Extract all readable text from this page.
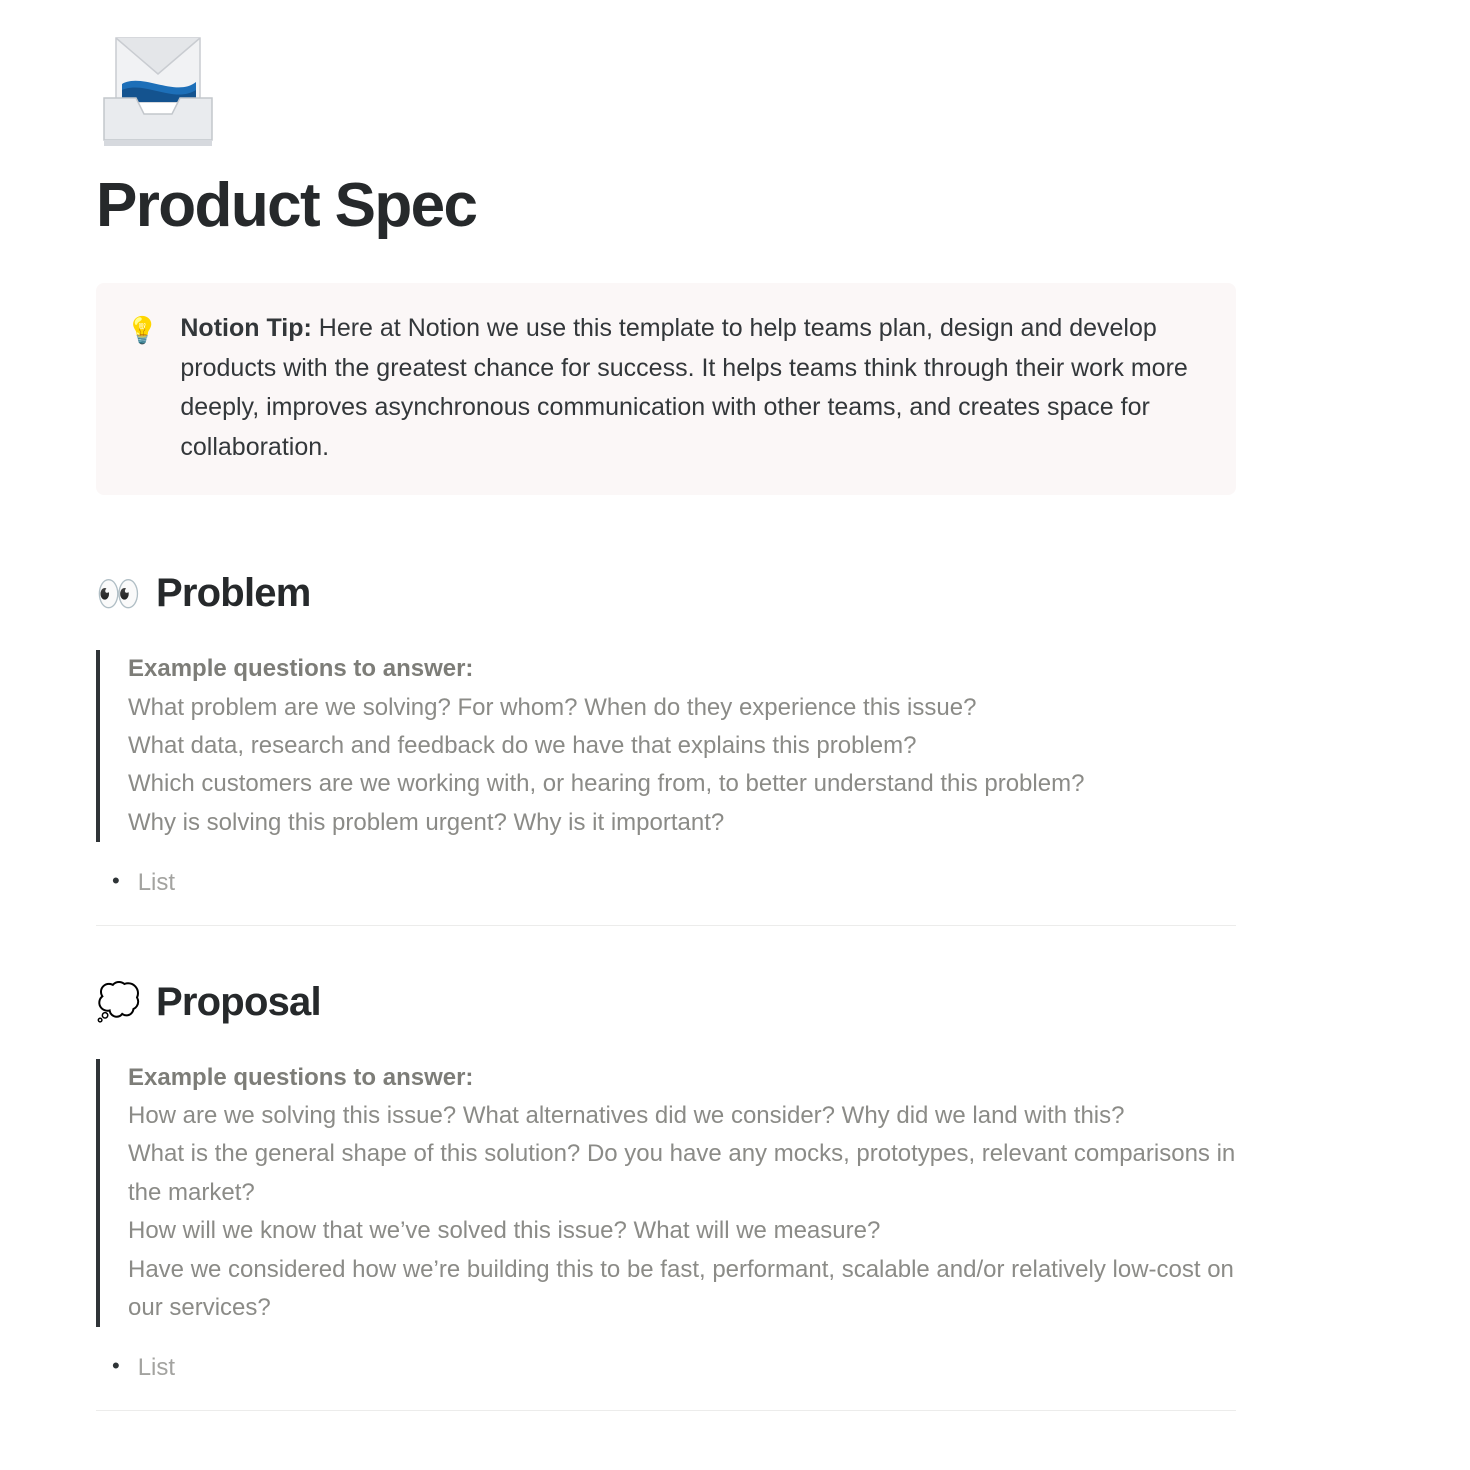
Product Spec
💡 Notion Tip: Here at Notion we use this template to help teams plan, design and develop products with the greatest chance for success. It helps teams think through their work more deeply, improves asynchronous communication with other teams, and creates space for collaboration.
👀 Problem
Example questions to answer:
What problem are we solving? For whom? When do they experience this issue?
What data, research and feedback do we have that explains this problem?
Which customers are we working with, or hearing from, to better understand this problem?
Why is solving this problem urgent? Why is it important?
• List
💭 Proposal
Example questions to answer:
How are we solving this issue? What alternatives did we consider? Why did we land with this?
What is the general shape of this solution? Do you have any mocks, prototypes, relevant comparisons in the market?
How will we know that we’ve solved this issue? What will we measure?
Have we considered how we’re building this to be fast, performant, scalable and/or relatively low-cost on our services?
• List
